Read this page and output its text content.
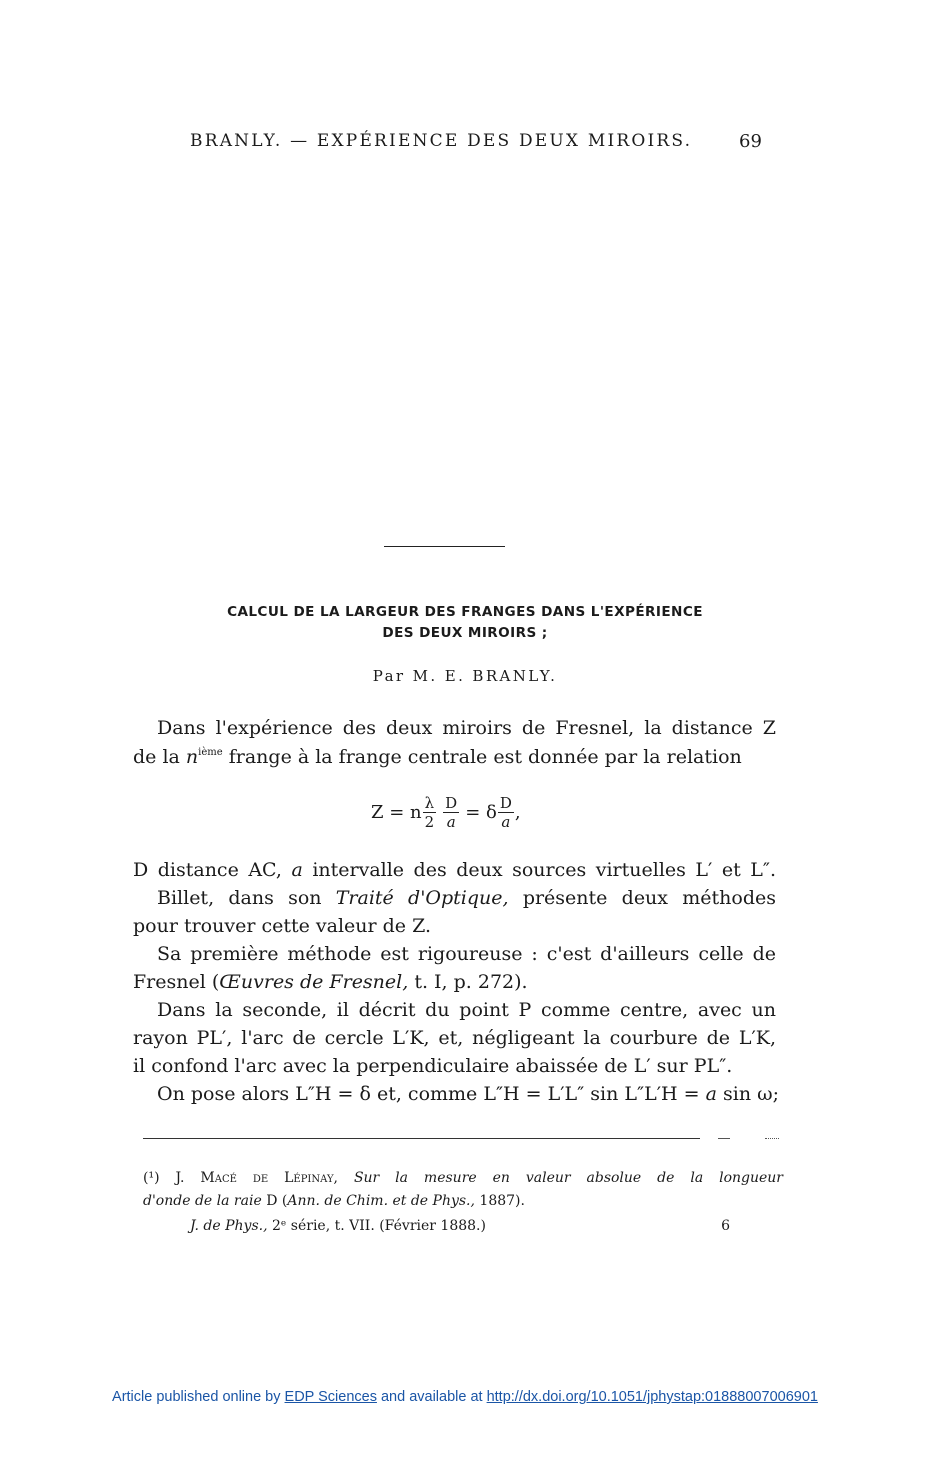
BRANLY. — EXPÉRIENCE DES DEUX MIROIRS.	69
CALCUL DE LA LARGEUR DES FRANGES DANS L'EXPÉRIENCE
DES DEUX MIROIRS ;
Par M. E. BRANLY.
Dans l'expérience des deux miroirs de Fresnel, la distance Z
de la $n^{ième}$ frange à la frange centrale est donnée par la relation
Z = n $\frac{\lambda}{2} \frac{D}{a} = \delta \frac{D}{a}$ ,
D distance AC, a intervalle des deux sources virtuelles L′ et L″.
Billet, dans son Traité d'Optique, présente deux méthodes
pour trouver cette valeur de Z.
Sa première méthode est rigoureuse : c'est d'ailleurs celle de
Fresnel (Œuvres de Fresnel, t. I, p. 272).
Dans la seconde, il décrit du point P comme centre, avec un
rayon PL′, l'arc de cercle L′K, et, négligeant la courbure de L′K,
il confond l'arc avec la perpendiculaire abaissée de L′ sur PL″.
On pose alors L″H = δ et, comme L″H = L′L″ sin L″L′H = a sin ω;
(¹) J. Macé de Lépinay, Sur la mesure en valeur absolue de la longueur
d'onde de la raie D (Ann. de Chim. et de Phys., 1887).
J. de Phys., 2ᵉ série, t. VII. (Février 1888.)	6
Article published online by EDP Sciences and available at http://dx.doi.org/10.1051/jphystap:01888007006901
